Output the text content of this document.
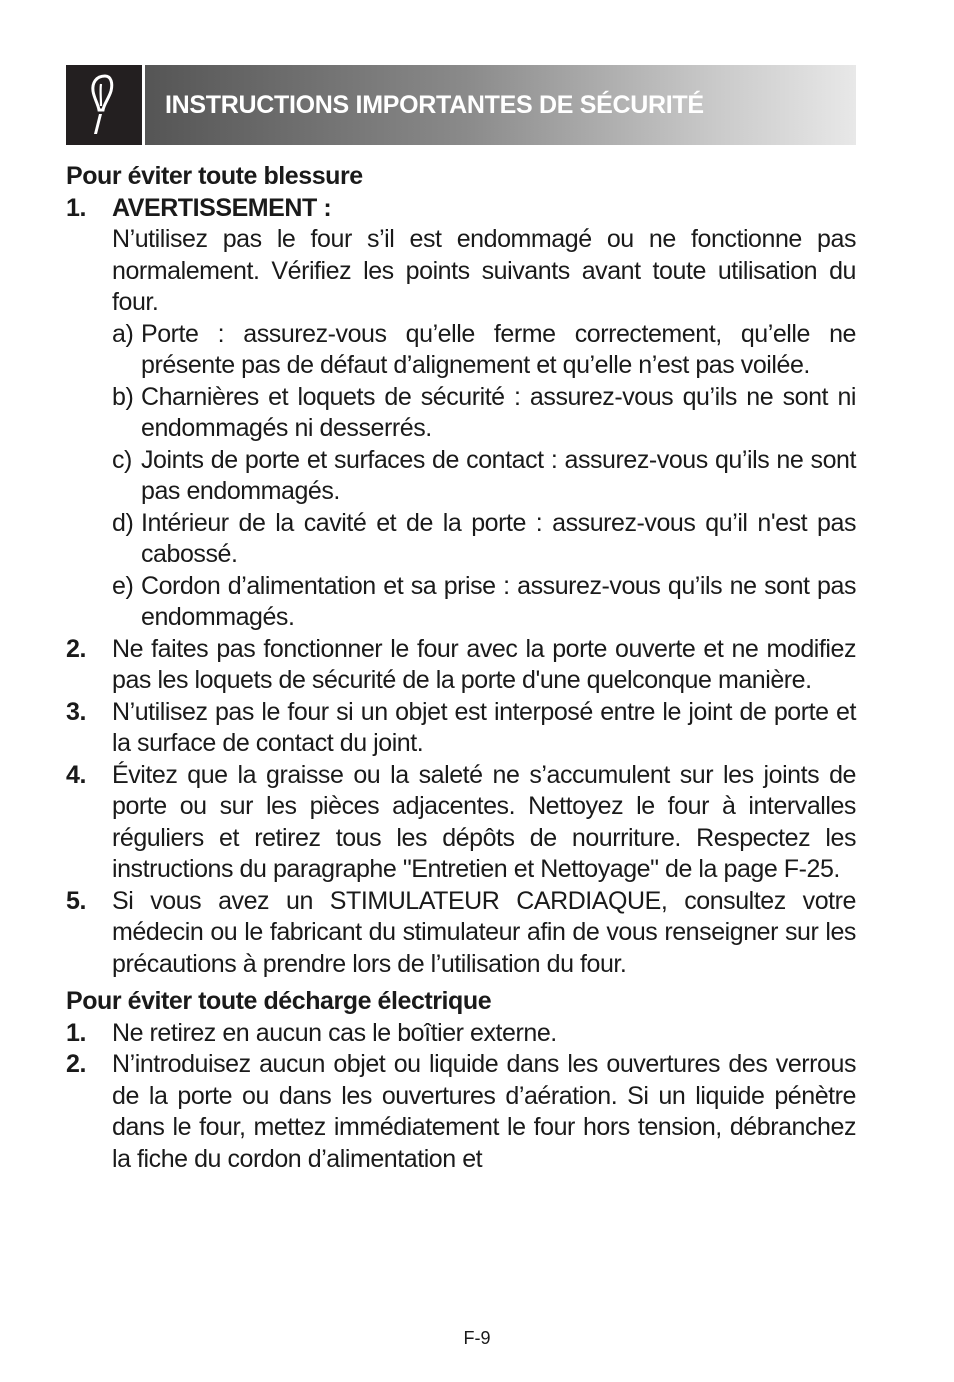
INSTRUCTIONS IMPORTANTES DE SÉCURITÉ

Pour éviter toute blessure

1.	AVERTISSEMENT :
N’utilisez pas le four s’il est endommagé ou ne fonctionne pas normalement. Vérifiez les points suivants avant toute utilisation du four.
a) Porte : assurez-vous qu’elle ferme correctement, qu’elle ne présente pas de défaut d’alignement et qu’elle n’est pas voilée.
b) Charnières et loquets de sécurité : assurez-vous qu’ils ne sont ni endommagés ni desserrés.
c) Joints de porte et surfaces de contact : assurez-vous qu’ils ne sont pas endommagés.
d) Intérieur de la cavité et de la porte : assurez-vous qu’il n'est pas cabossé.
e) Cordon d’alimentation et sa prise : assurez-vous qu’ils ne sont pas endommagés.
2.	Ne faites pas fonctionner le four avec la porte ouverte et ne modifiez pas les loquets de sécurité de la porte d'une quelconque manière.
3.	N’utilisez pas le four si un objet est interposé entre le joint de porte et la surface de contact du joint.
4.	Évitez que la graisse ou la saleté ne s’accumulent sur les joints de porte ou sur les pièces adjacentes. Nettoyez le four à intervalles réguliers et retirez tous les dépôts de nourriture. Respectez les instructions du paragraphe "Entretien et Nettoyage" de la page F-25.
5.	Si vous avez un STIMULATEUR CARDIAQUE, consultez votre médecin ou le fabricant du stimulateur afin de vous renseigner sur les précautions à prendre lors de l’utilisation du four.

Pour éviter toute décharge électrique

1.	Ne retirez en aucun cas le boîtier externe.
2.	N’introduisez aucun objet ou liquide dans les ouvertures des verrous de la porte ou dans les ouvertures d’aération. Si un liquide pénètre dans le four, mettez immédiatement le four hors tension, débranchez la fiche du cordon d’alimentation et
F-9
